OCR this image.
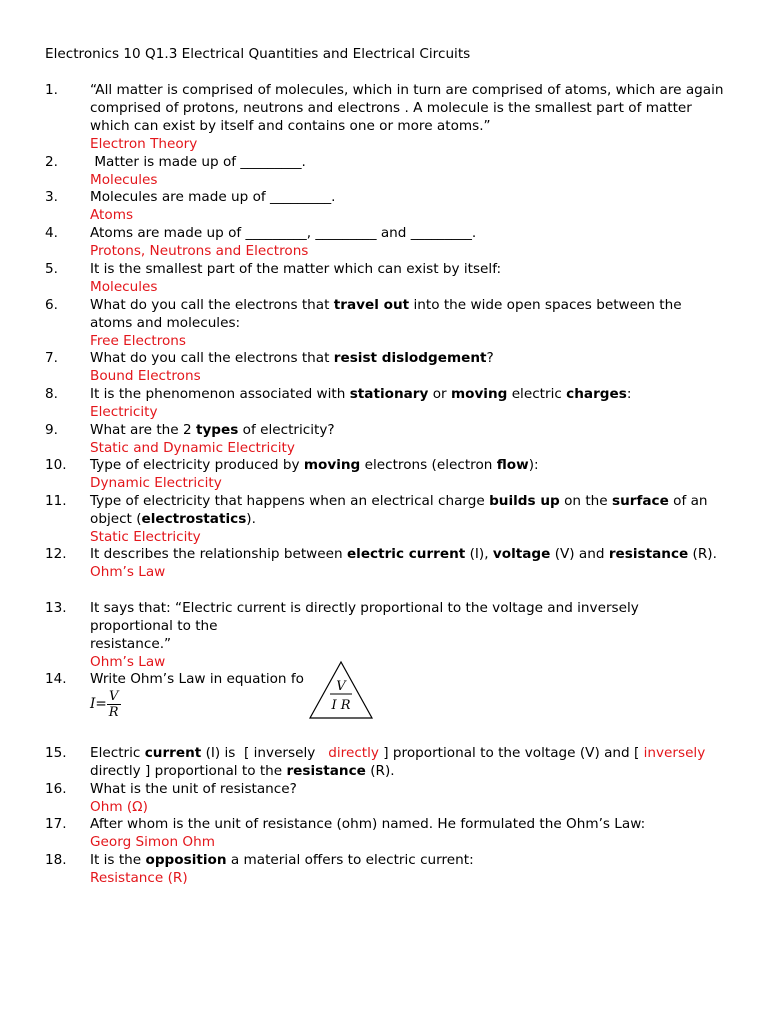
Electronics 10 Q1.3 Electrical Quantities and Electrical Circuits
1. “All matter is comprised of molecules, which in turn are comprised of atoms, which are again comprised of protons, neutrons and electrons . A molecule is the smallest part of matter which can exist by itself and contains one or more atoms.”
Electron Theory
2. Matter is made up of _________.
Molecules
3. Molecules are made up of _________.
Atoms
4. Atoms are made up of _________, _________ and _________.
Protons, Neutrons and Electrons
5. It is the smallest part of the matter which can exist by itself:
Molecules
6. What do you call the electrons that travel out into the wide open spaces between the atoms and molecules:
Free Electrons
7. What do you call the electrons that resist dislodgement?
Bound Electrons
8. It is the phenomenon associated with stationary or moving electric charges:
Electricity
9. What are the 2 types of electricity?
Static and Dynamic Electricity
10. Type of electricity produced by moving electrons (electron flow):
Dynamic Electricity
11. Type of electricity that happens when an electrical charge builds up on the surface of an object (electrostatics).
Static Electricity
12. It describes the relationship between electric current (I), voltage (V) and resistance (R).
Ohm’s Law
13. It says that: “Electric current is directly proportional to the voltage and inversely
proportional to the
resistance.”
Ohm’s Law
14. Write Ohm’s Law in equation fo
$I= \frac{V}{R}$
V
I R
15. Electric current (I) is  [ inversely   directly ] proportional to the voltage (V) and [ inversely directly ] proportional to the resistance (R).
16. What is the unit of resistance?
Ohm (Ω)
17. After whom is the unit of resistance (ohm) named. He formulated the Ohm’s Law:
Georg Simon Ohm
18. It is the opposition a material offers to electric current:
Resistance (R)
